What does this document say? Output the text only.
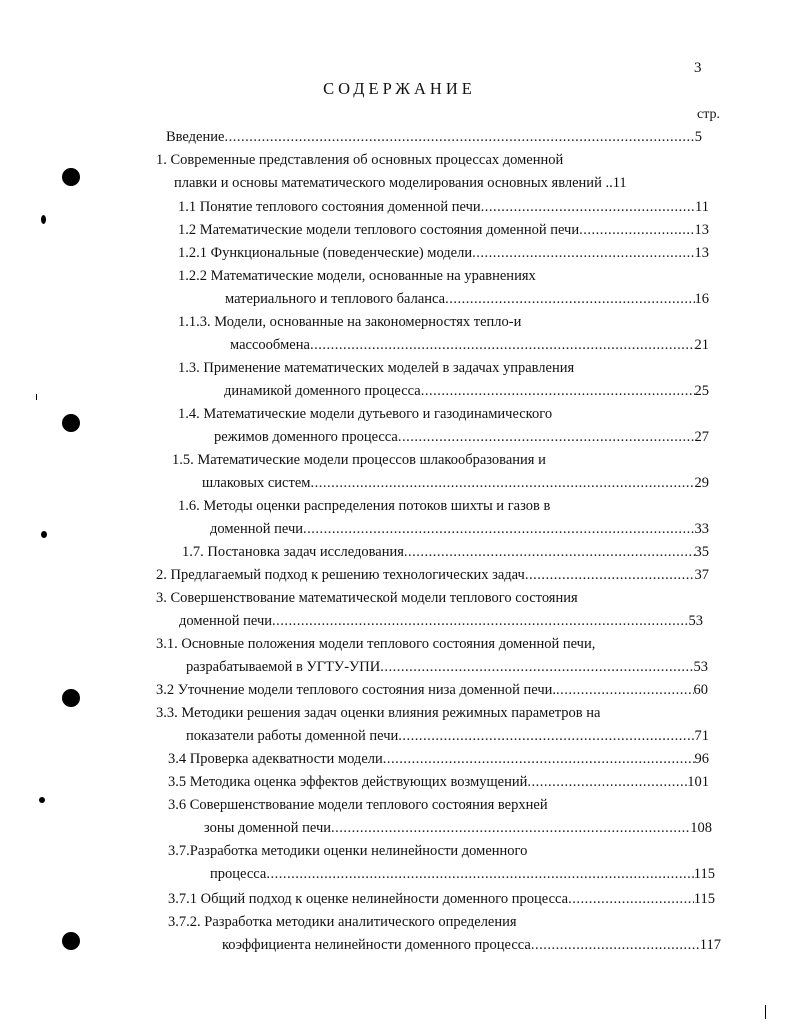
3
СОДЕРЖАНИЕ
стр.
Введение .....	5
1. Современные представления об основных процессах доменной
плавки и основы математического моделирования основных явлений .. 11
1.1 Понятие теплового состояния доменной печи .....	11
1.2 Математические модели теплового состояния доменной печи .....	13
1.2.1 Функциональные (поведенческие) модели .....	13
1.2.2 Математические модели, основанные на уравнениях
материального и теплового баланса .....	16
1.1.3. Модели, основанные на закономерностях тепло-и
массообмена .....	21
1.3. Применение математических моделей в задачах управления
динамикой доменного процесса .....	25
1.4. Математические модели дутьевого и газодинамического
режимов доменного процесса .....	27
1.5. Математические модели процессов шлакообразования и
шлаковых систем .....	29
1.6. Методы оценки распределения потоков шихты и газов в
доменной печи .....	33
1.7. Постановка задач исследования .....	35
2. Предлагаемый подход к решению технологических задач .....	37
3. Совершенствование математической модели теплового состояния
доменной печи .....	53
3.1. Основные положения модели теплового состояния доменной печи,
разрабатываемой в УГТУ-УПИ .....	53
3.2 Уточнение модели теплового состояния низа доменной печи. .....	60
3.3. Методики решения задач оценки влияния режимных параметров на
показатели работы доменной печи .....	71
3.4 Проверка адекватности модели .....	96
3.5 Методика оценка эффектов действующих возмущений .....	101
3.6 Совершенствование модели теплового состояния верхней
зоны доменной печи .....	108
3.7.Разработка методики оценки нелинейности доменного
процесса .....	115
3.7.1 Общий подход к оценке нелинейности доменного процесса .....	115
3.7.2. Разработка методики аналитического определения
коэффициента нелинейности доменного процесса .....	117
